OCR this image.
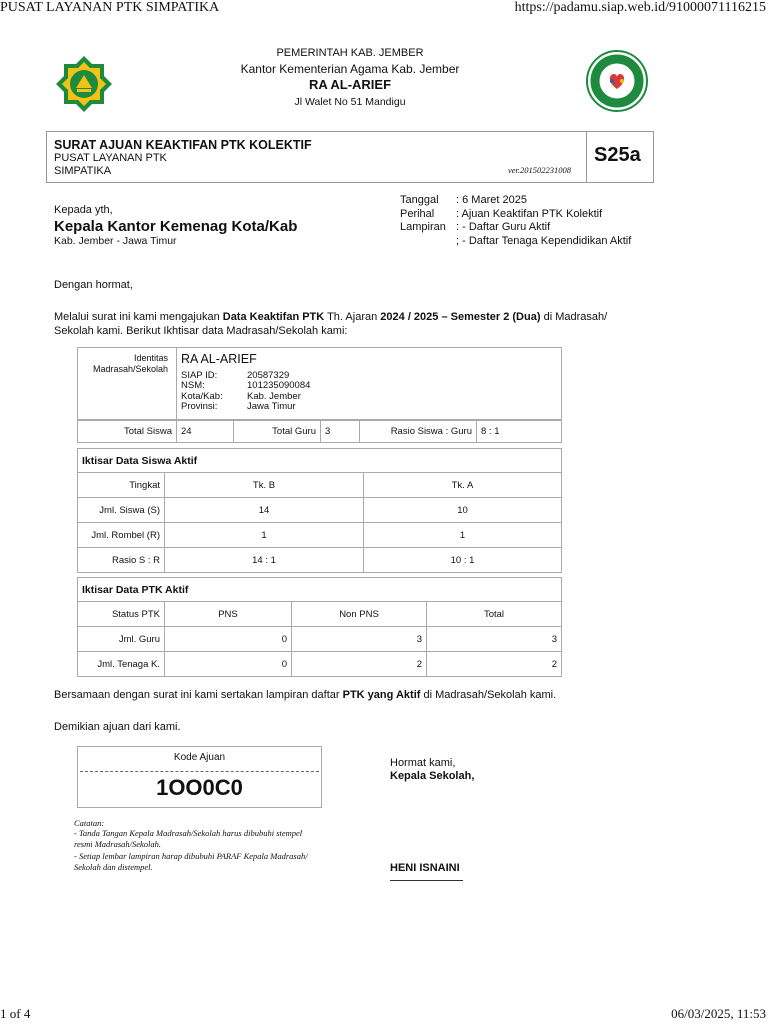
PUSAT LAYANAN PTK SIMPATIKA	https://padamu.siap.web.id/91000071116215
1 of 4	06/03/2025, 11:53
PEMERINTAH KAB. JEMBER
Kantor Kementerian Agama Kab. Jember
RA AL-ARIEF
Jl Walet No 51 Mandigu
SURAT AJUAN KEAKTIFAN PTK KOLEKTIF
PUSAT LAYANAN PTK
SIMPATIKA	ver.201502231008
S25a
Kepada yth,
Kepala Kantor Kemenag Kota/Kab
Kab. Jember - Jawa Timur
Tanggal : 6 Maret 2025
Perihal : Ajuan Keaktifan PTK Kolektif
Lampiran : - Daftar Guru Aktif
; - Daftar Tenaga Kependidikan Aktif
Dengan hormat,
Melalui surat ini kami mengajukan Data Keaktifan PTK Th. Ajaran 2024 / 2025 – Semester 2 (Dua) di Madrasah/
Sekolah kami. Berikut Ikhtisar data Madrasah/Sekolah kami:
Identitas
Madrasah/Sekolah
RA AL-ARIEF
SIAP ID:	20587329
NSM:	101235090084
Kota/Kab:	Kab. Jember
Provinsi:	Jawa Timur
Total Siswa	24	Total Guru	3	Rasio Siswa : Guru	8 : 1
Iktisar Data Siswa Aktif		
Tingkat	Tk. B	Tk. A
Jml. Siswa (S)	14	10
Jml. Rombel (R)	1	1
Rasio S : R	14 : 1	10 : 1
Iktisar Data PTK Aktif			
Status PTK	PNS	Non PNS	Total
Jml. Guru	0	3	3
Jml. Tenaga K.	0	2	2
Bersamaan dengan surat ini kami sertakan lampiran daftar PTK yang Aktif di Madrasah/Sekolah kami.
Demikian ajuan dari kami.
Kode Ajuan
1OO0C0
Catatan:
- Tanda Tangan Kepala Madrasah/Sekolah harus dibubuhi stempel
resmi Madrasah/Sekolah.
- Setiap lembar lampiran harap dibubuhi PARAF Kepala Madrasah/
Sekolah dan distempel.
Hormat kami,
Kepala Sekolah,
HENI ISNAINI
